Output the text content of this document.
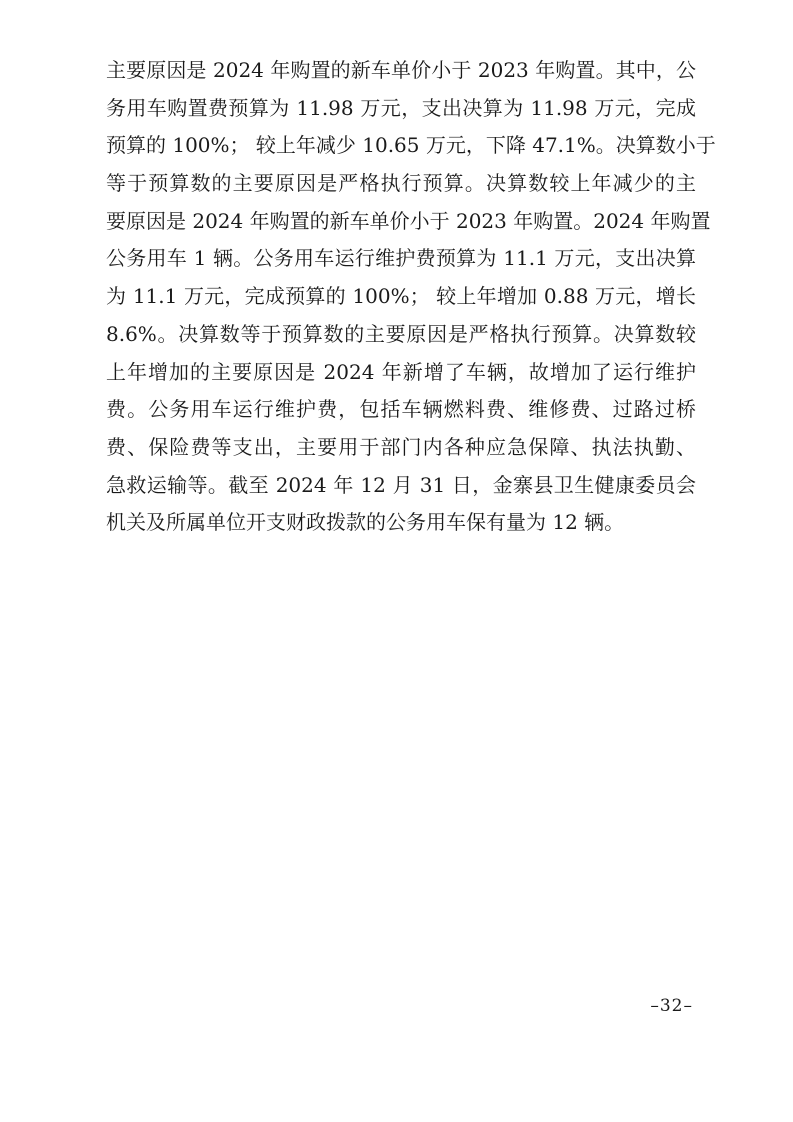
主要原因是 2024 年购置的新车单价小于 2023 年购置。其中，公
务用车购置费预算为 11.98 万元，支出决算为 11.98 万元，完成
预算的 100%； 较上年减少 10.65 万元，下降 47.1%。决算数小于
等于预算数的主要原因是严格执行预算。决算数较上年减少的主
要原因是 2024 年购置的新车单价小于 2023 年购置。2024 年购置
公务用车 1 辆。公务用车运行维护费预算为 11.1 万元，支出决算
为 11.1 万元，完成预算的 100%； 较上年增加 0.88 万元，增长
8.6%。决算数等于预算数的主要原因是严格执行预算。决算数较
上年增加的主要原因是 2024 年新增了车辆，故增加了运行维护
费。公务用车运行维护费，包括车辆燃料费、维修费、过路过桥
费、保险费等支出，主要用于部门内各种应急保障、执法执勤、
急救运输等。截至 2024 年 12 月 31 日，金寨县卫生健康委员会
机关及所属单位开支财政拨款的公务用车保有量为 12 辆。
–32–
